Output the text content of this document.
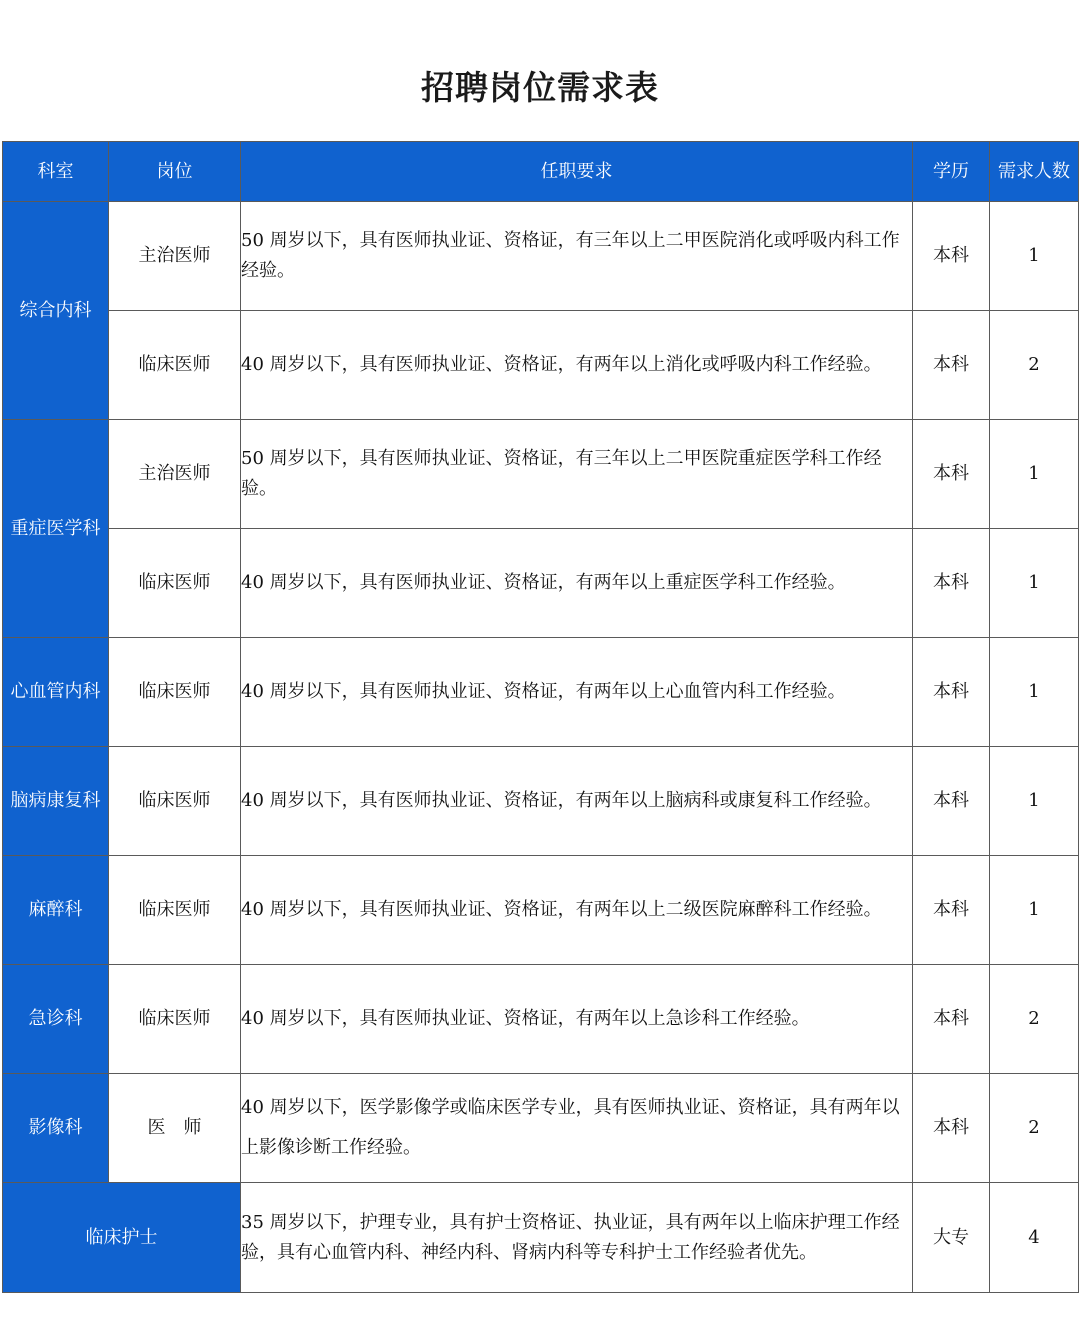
招聘岗位需求表
科室	岗位	任职要求	学历	需求人数
综合内科	主治医师	50 周岁以下，具有医师执业证、资格证，有三年以上二甲医院消化或呼吸内科工作经验。	本科	1
	临床医师	40 周岁以下，具有医师执业证、资格证，有两年以上消化或呼吸内科工作经验。	本科	2
重症医学科	主治医师	50 周岁以下，具有医师执业证、资格证，有三年以上二甲医院重症医学科工作经验。	本科	1
	临床医师	40 周岁以下，具有医师执业证、资格证，有两年以上重症医学科工作经验。	本科	1
心血管内科	临床医师	40 周岁以下，具有医师执业证、资格证，有两年以上心血管内科工作经验。	本科	1
脑病康复科	临床医师	40 周岁以下，具有医师执业证、资格证，有两年以上脑病科或康复科工作经验。	本科	1
麻醉科	临床医师	40 周岁以下，具有医师执业证、资格证，有两年以上二级医院麻醉科工作经验。	本科	1
急诊科	临床医师	40 周岁以下，具有医师执业证、资格证，有两年以上急诊科工作经验。	本科	2
影像科	医　师	40 周岁以下，医学影像学或临床医学专业，具有医师执业证、资格证，具有两年以上影像诊断工作经验。	本科	2
临床护士		35 周岁以下，护理专业，具有护士资格证、执业证，具有两年以上临床护理工作经验，具有心血管内科、神经内科、肾病内科等专科护士工作经验者优先。	大专	4
